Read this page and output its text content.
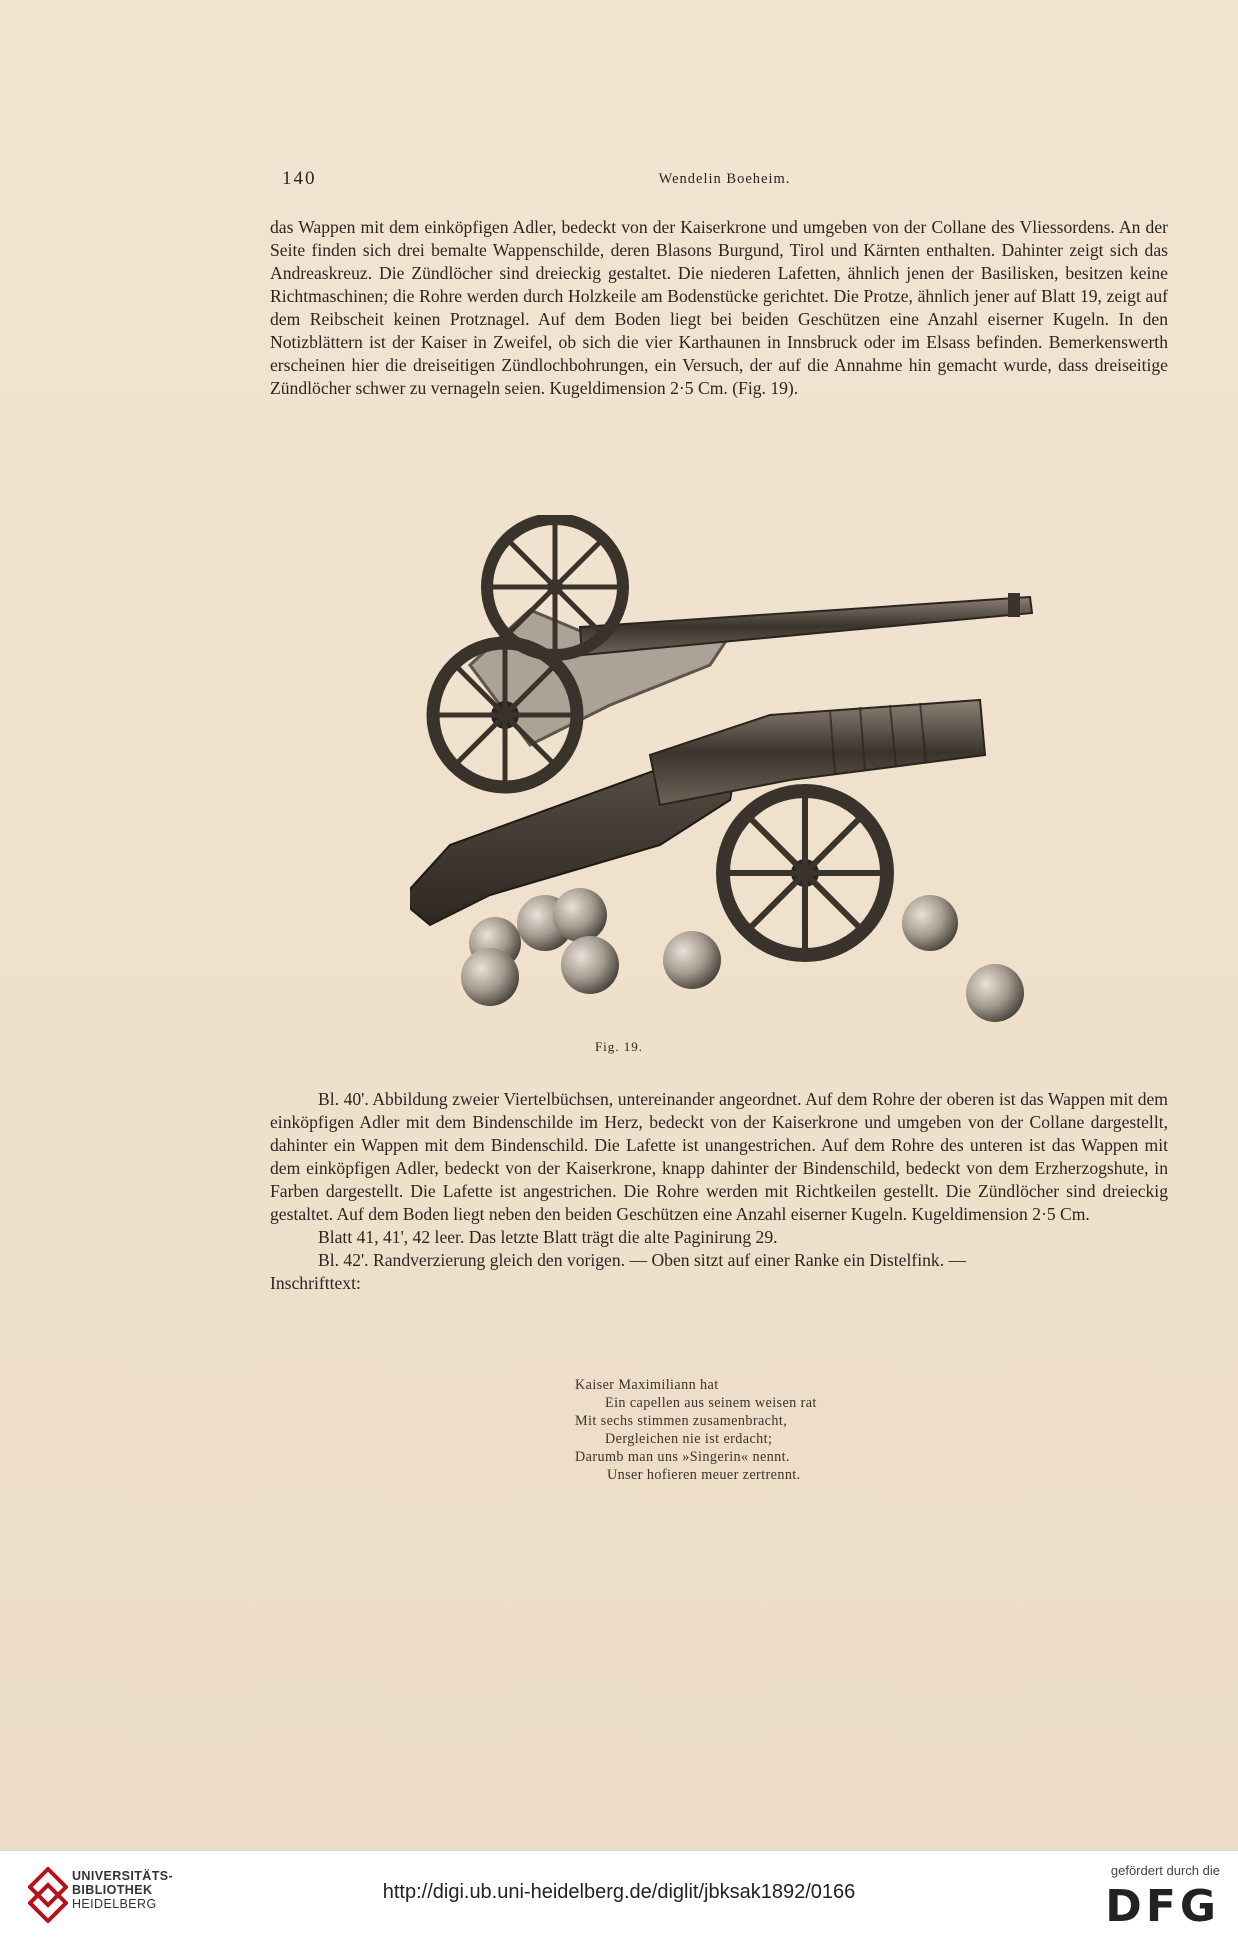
140	Wendelin Boeheim.

das Wappen mit dem einköpfigen Adler, bedeckt von der Kaiserkrone und umgeben von der Collane des Vliessordens. An der Seite finden sich drei bemalte Wappenschilde, deren Blasons Burgund, Tirol und Kärnten enthalten. Dahinter zeigt sich das Andreaskreuz. Die Zündlöcher sind dreieckig gestaltet. Die niederen Lafetten, ähnlich jenen der Basilisken, besitzen keine Richtmaschinen; die Rohre werden durch Holzkeile am Bodenstücke gerichtet. Die Protze, ähnlich jener auf Blatt 19, zeigt auf dem Reibscheit keinen Protznagel. Auf dem Boden liegt bei beiden Geschützen eine Anzahl eiserner Kugeln. In den Notizblättern ist der Kaiser in Zweifel, ob sich die vier Karthaunen in Innsbruck oder im Elsass befinden. Bemerkenswerth erscheinen hier die dreiseitigen Zündlochbohrungen, ein Versuch, der auf die Annahme hin gemacht wurde, dass dreiseitige Zündlöcher schwer zu vernageln seien. Kugeldimension 2·5 Cm. (Fig. 19).

Fig. 19.

Bl. 40'. Abbildung zweier Viertelbüchsen, untereinander angeordnet. Auf dem Rohre der oberen ist das Wappen mit dem einköpfigen Adler mit dem Bindenschilde im Herz, bedeckt von der Kaiserkrone und umgeben von der Collane dargestellt, dahinter ein Wappen mit dem Bindenschild. Die Lafette ist unangestrichen. Auf dem Rohre des unteren ist das Wappen mit dem einköpfigen Adler, bedeckt von der Kaiserkrone, knapp dahinter der Bindenschild, bedeckt von dem Erzherzogshute, in Farben dargestellt. Die Lafette ist angestrichen. Die Rohre werden mit Richtkeilen gestellt. Die Zündlöcher sind dreieckig gestaltet. Auf dem Boden liegt neben den beiden Geschützen eine Anzahl eiserner Kugeln. Kugeldimension 2·5 Cm.

Blatt 41, 41', 42 leer. Das letzte Blatt trägt die alte Paginirung 29.

Bl. 42'. Randverzierung gleich den vorigen. — Oben sitzt auf einer Ranke ein Distelfink. —

Inschrifttext:

Kaiser Maximiliann hat
Ein capellen aus seinem weisen rat
Mit sechs stimmen zusamenbracht,
Dergleichen nie ist erdacht;
Darumb man uns »Singerin« nennt.
Unser hofieren meuer zertrennt.
UNIVERSITÄTS-
BIBLIOTHEK
HEIDELBERG
http://digi.ub.uni-heidelberg.de/diglit/jbksak1892/0166
gefördert durch die
DFG
